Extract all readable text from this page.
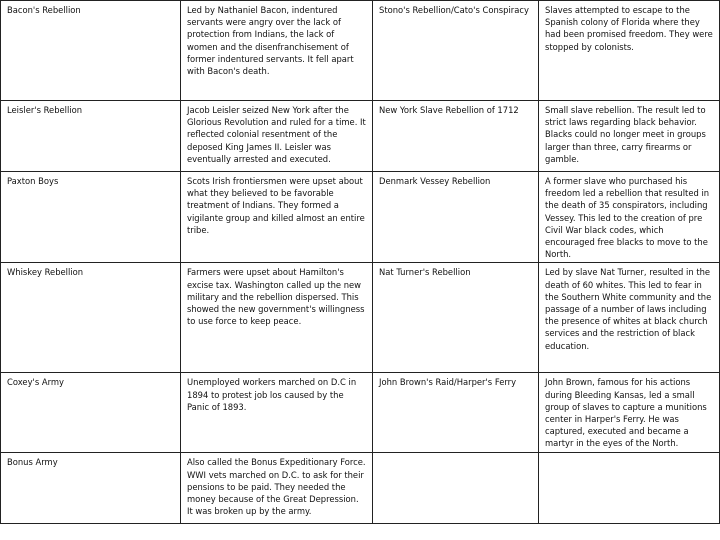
Bacon's Rebellion	Led by Nathaniel Bacon, indentured servants were angry over the lack of protection from Indians, the lack of women and the disenfranchisement of former indentured servants. It fell apart with Bacon's death.	Stono's Rebellion/Cato's Conspiracy	Slaves attempted to escape to the Spanish colony of Florida where they had been promised freedom. They were stopped by colonists.
Leisler's Rebellion	Jacob Leisler seized New York after the Glorious Revolution and ruled for a time. It reflected colonial resentment of the deposed King James II. Leisler was eventually arrested and executed.	New York Slave Rebellion of 1712	Small slave rebellion. The result led to strict laws regarding black behavior. Blacks could no longer meet in groups larger than three, carry firearms or gamble.
Paxton Boys	Scots Irish frontiersmen were upset about what they believed to be favorable treatment of Indians. They formed a vigilante group and killed almost an entire tribe.	Denmark Vessey Rebellion	A former slave who purchased his freedom led a rebellion that resulted in the death of 35 conspirators, including Vessey. This led to the creation of pre Civil War black codes, which encouraged free blacks to move to the North.
Whiskey Rebellion	Farmers were upset about Hamilton's excise tax. Washington called up the new military and the rebellion dispersed. This showed the new government's willingness to use force to keep peace.	Nat Turner's Rebellion	Led by slave Nat Turner, resulted in the death of 60 whites. This led to fear in the Southern White community and the passage of a number of laws including the presence of whites at black church services and the restriction of black education.
Coxey's Army	Unemployed workers marched on D.C in 1894 to protest job los caused by the Panic of 1893.	John Brown's Raid/Harper's Ferry	John Brown, famous for his actions during Bleeding Kansas, led a small group of slaves to capture a munitions center in Harper's Ferry. He was captured, executed and became a martyr in the eyes of the North.
Bonus Army	Also called the Bonus Expeditionary Force. WWI vets marched on D.C. to ask for their pensions to be paid. They needed the money because of the Great Depression. It was broken up by the army.		
